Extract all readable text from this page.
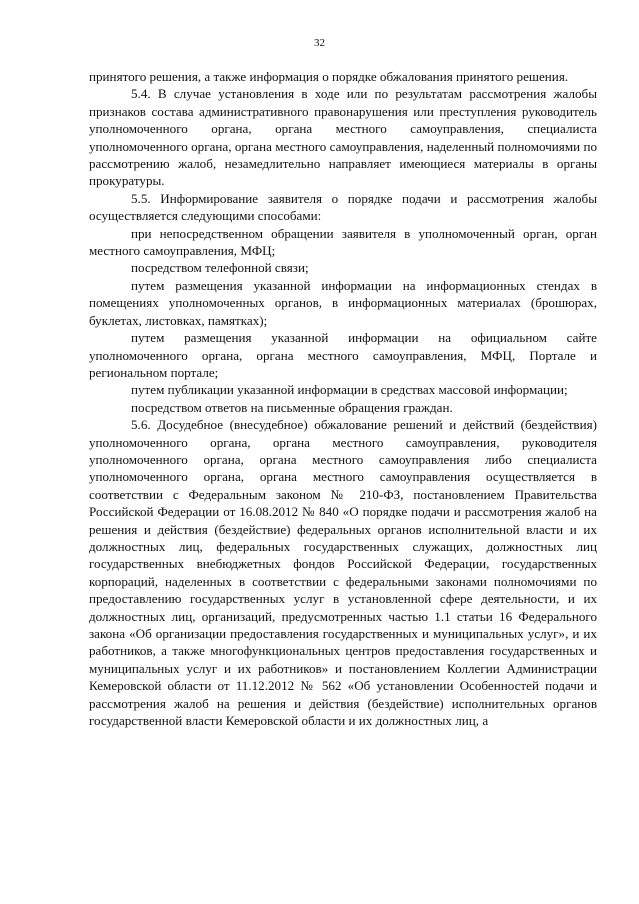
32

принятого решения, а также информация о порядке обжалования принятого решения.

5.4. В случае установления в ходе или по результатам рассмотрения жалобы признаков состава административного правонарушения или преступления руководитель уполномоченного органа, органа местного самоуправления, специалиста уполномоченного органа, органа местного самоуправления, наделенный полномочиями по рассмотрению жалоб, незамедлительно направляет имеющиеся материалы в органы прокуратуры.

5.5. Информирование заявителя о порядке подачи и рассмотрения жалобы осуществляется следующими способами:

при непосредственном обращении заявителя в уполномоченный орган, орган местного самоуправления, МФЦ;

посредством телефонной связи;

путем размещения указанной информации на информационных стендах в помещениях уполномоченных органов, в информационных материалах (брошюрах, буклетах, листовках, памятках);

путем размещения указанной информации на официальном сайте уполномоченного органа, органа местного самоуправления, МФЦ, Портале и региональном портале;

путем публикации указанной информации в средствах массовой информации;

посредством ответов на письменные обращения граждан.

5.6. Досудебное (внесудебное) обжалование решений и действий (бездействия) уполномоченного органа, органа местного самоуправления, руководителя уполномоченного органа, органа местного самоуправления либо специалиста уполномоченного органа, органа местного самоуправления осуществляется в соответствии с Федеральным законом № 210-ФЗ, постановлением Правительства Российской Федерации от 16.08.2012 № 840 «О порядке подачи и рассмотрения жалоб на решения и действия (бездействие) федеральных органов исполнительной власти и их должностных лиц, федеральных государственных служащих, должностных лиц государственных внебюджетных фондов Российской Федерации, государственных корпораций, наделенных в соответствии с федеральными законами полномочиями по предоставлению государственных услуг в установленной сфере деятельности, и их должностных лиц, организаций, предусмотренных частью 1.1 статьи 16 Федерального закона «Об организации предоставления государственных и муниципальных услуг», и их работников, а также многофункциональных центров предоставления государственных и муниципальных услуг и их работников» и постановлением Коллегии Администрации Кемеровской области от 11.12.2012 № 562 «Об установлении Особенностей подачи и рассмотрения жалоб на решения и действия (бездействие) исполнительных органов государственной власти Кемеровской области и их должностных лиц, а
